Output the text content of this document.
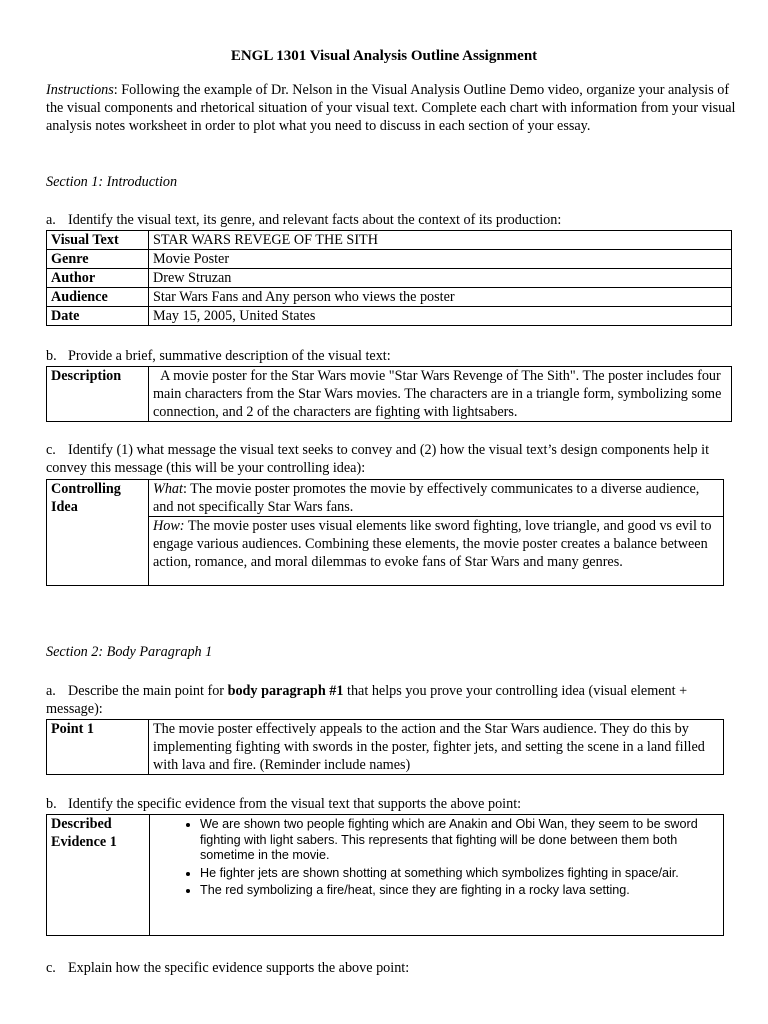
ENGL 1301 Visual Analysis Outline Assignment
Instructions: Following the example of Dr. Nelson in the Visual Analysis Outline Demo video, organize your analysis of the visual components and rhetorical situation of your visual text. Complete each chart with information from your visual analysis notes worksheet in order to plot what you need to discuss in each section of your essay.
Section 1: Introduction
a. Identify the visual text, its genre, and relevant facts about the context of its production:
Visual Text	STAR WARS REVEGE OF THE SITH
Genre	Movie Poster
Author	Drew Struzan
Audience	Star Wars Fans and Any person who views the poster
Date	May 15, 2005, United States
b. Provide a brief, summative description of the visual text:
Description	A movie poster for the Star Wars movie "Star Wars Revenge of The Sith". The poster includes four main characters from the Star Wars movies. The characters are in a triangle form, symbolizing some connection, and 2 of the characters are fighting with lightsabers.
c. Identify (1) what message the visual text seeks to convey and (2) how the visual text’s design components help it convey this message (this will be your controlling idea):
Controlling Idea	What: The movie poster promotes the movie by effectively communicates to a diverse audience, and not specifically Star Wars fans.
How: The movie poster uses visual elements like sword fighting, love triangle, and good vs evil to engage various audiences. Combining these elements, the movie poster creates a balance between action, romance, and moral dilemmas to evoke fans of Star Wars and many genres.
Section 2: Body Paragraph 1
a. Describe the main point for body paragraph #1 that helps you prove your controlling idea (visual element + message):
Point 1	The movie poster effectively appeals to the action and the Star Wars audience. They do this by implementing fighting with swords in the poster, fighter jets, and setting the scene in a land filled with lava and fire. (Reminder include names)
b. Identify the specific evidence from the visual text that supports the above point:
Described Evidence 1	
• We are shown two people fighting which are Anakin and Obi Wan, they seem to be sword fighting with light sabers. This represents that fighting will be done between them both sometime in the movie.
• He fighter jets are shown shotting at something which symbolizes fighting in space/air.
• The red symbolizing a fire/heat, since they are fighting in a rocky lava setting.
c. Explain how the specific evidence supports the above point:
